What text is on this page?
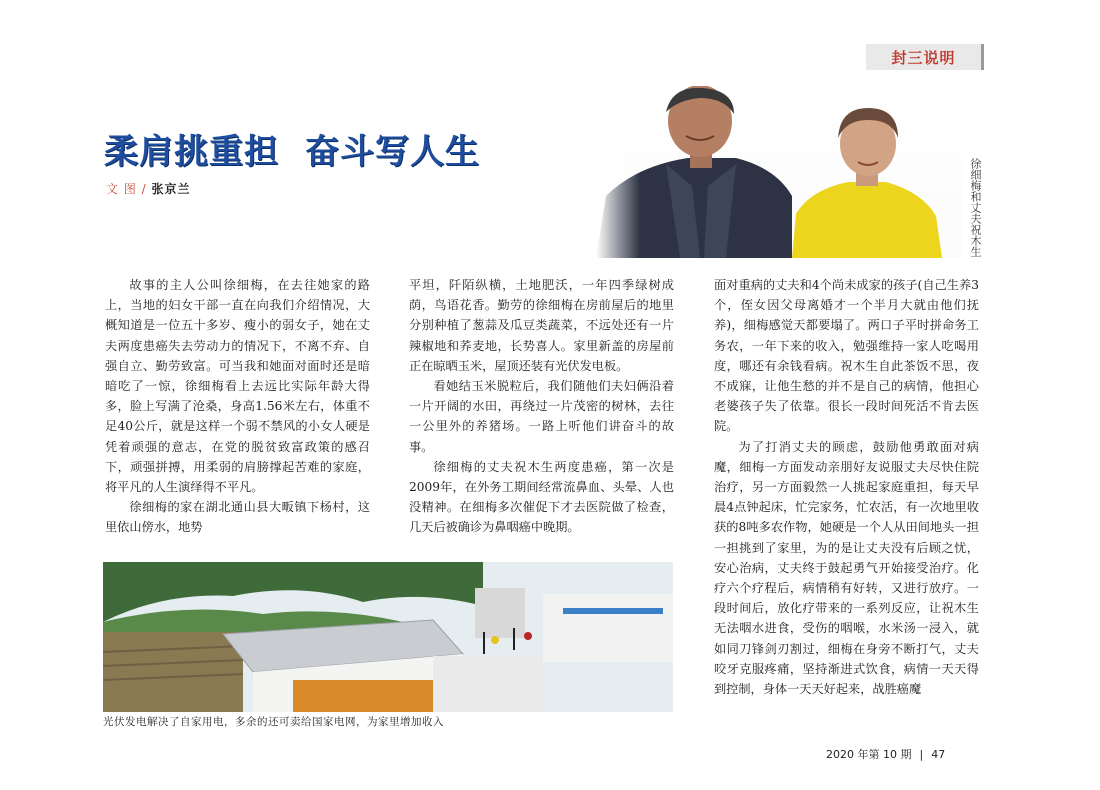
封三说明
柔肩挑重担 奋斗写人生
文 图 / 张京兰	徐细梅和丈夫祝木生

故事的主人公叫徐细梅，在去往她家的路上，当地的妇女干部一直在向我们介绍情况，大概知道是一位五十多岁、瘦小的弱女子，她在丈夫两度患癌失去劳动力的情况下，不离不弃、自强自立、勤劳致富。可当我和她面对面时还是暗暗吃了一惊，徐细梅看上去远比实际年龄大得多，脸上写满了沧桑，身高1.56米左右，体重不足40公斤，就是这样一个弱不禁风的小女人硬是凭着顽强的意志，在党的脱贫致富政策的感召下，顽强拼搏，用柔弱的肩膀撑起苦难的家庭，将平凡的人生演绎得不平凡。

徐细梅的家在湖北通山县大畈镇下杨村，这里依山傍水，地势

平坦，阡陌纵横，土地肥沃，一年四季绿树成荫，鸟语花香。勤劳的徐细梅在房前屋后的地里分别种植了葱蒜及瓜豆类蔬菜，不远处还有一片辣椒地和荞麦地，长势喜人。家里新盖的房屋前正在晾晒玉米，屋顶还装有光伏发电板。

看她结玉米脱粒后，我们随他们夫妇俩沿着一片开阔的水田，再绕过一片茂密的树林，去往一公里外的养猪场。一路上听他们讲奋斗的故事。

徐细梅的丈夫祝木生两度患癌，第一次是2009年，在外务工期间经常流鼻血、头晕、人也没精神。在细梅多次催促下才去医院做了检查，几天后被确诊为鼻咽癌中晚期。

面对重病的丈夫和4个尚未成家的孩子(自己生养3个，侄女因父母离婚才一个半月大就由他们抚养)，细梅感觉天都要塌了。两口子平时拼命务工务农，一年下来的收入，勉强维持一家人吃喝用度，哪还有余钱看病。祝木生自此茶饭不思，夜不成寐，让他生愁的并不是自己的病情，他担心老婆孩子失了依靠。很长一段时间死活不肯去医院。

为了打消丈夫的顾虑，鼓励他勇敢面对病魔，细梅一方面发动亲朋好友说服丈夫尽快住院治疗，另一方面毅然一人挑起家庭重担，每天早晨4点钟起床，忙完家务，忙农活，有一次地里收获的8吨多农作物，她硬是一个人从田间地头一担一担挑到了家里，为的是让丈夫没有后顾之忧，安心治病，丈夫终于鼓起勇气开始接受治疗。化疗六个疗程后，病情稍有好转，又进行放疗。一段时间后，放化疗带来的一系列反应，让祝木生无法咽水进食，受伤的咽喉，水米汤一浸入，就如同刀锋剑刃割过，细梅在身旁不断打气，丈夫咬牙克服疼痛，坚持渐进式饮食，病情一天天得到控制，身体一天天好起来，战胜癌魔

光伏发电解决了自家用电，多余的还可卖给国家电网，为家里增加收入
2020 年第 10 期 | 47
